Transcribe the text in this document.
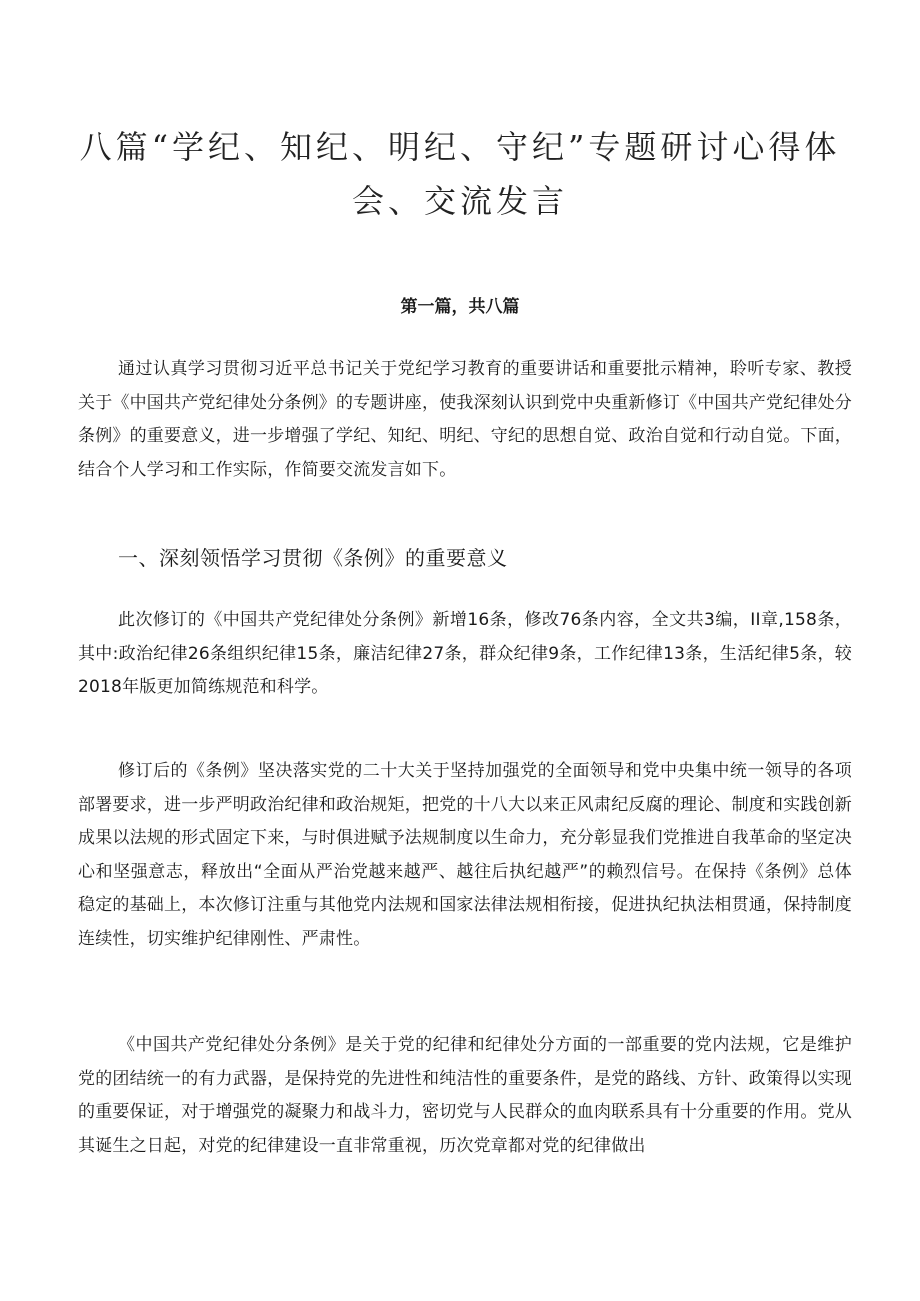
八篇“学纪、知纪、明纪、守纪”专题研讨心得体会、交流发言

第一篇，共八篇

通过认真学习贯彻习近平总书记关于党纪学习教育的重要讲话和重要批示精神，聆听专家、教授关于《中国共产党纪律处分条例》的专题讲座，使我深刻认识到党中央重新修订《中国共产党纪律处分条例》的重要意义，进一步增强了学纪、知纪、明纪、守纪的思想自觉、政治自觉和行动自觉。下面，结合个人学习和工作实际，作简要交流发言如下。

一、深刻领悟学习贯彻《条例》的重要意义

此次修订的《中国共产党纪律处分条例》新增16条，修改76条内容，全文共3编，II章,158条，其中:政治纪律26条组织纪律15条，廉洁纪律27条，群众纪律9条，工作纪律13条，生活纪律5条，较2018年版更加简练规范和科学。

修订后的《条例》坚决落实党的二十大关于坚持加强党的全面领导和党中央集中统一领导的各项部署要求，进一步严明政治纪律和政治规矩，把党的十八大以来正风肃纪反腐的理论、制度和实践创新成果以法规的形式固定下来，与时俱进赋予法规制度以生命力，充分彰显我们党推进自我革命的坚定决心和坚强意志，释放出“全面从严治党越来越严、越往后执纪越严”的赖烈信号。在保持《条例》总体稳定的基础上，本次修订注重与其他党内法规和国家法律法规相衔接，促进执纪执法相贯通，保持制度连续性，切实维护纪律刚性、严肃性。

《中国共产党纪律处分条例》是关于党的纪律和纪律处分方面的一部重要的党内法规，它是维护党的团结统一的有力武器，是保持党的先进性和纯洁性的重要条件，是党的路线、方针、政策得以实现的重要保证，对于增强党的凝聚力和战斗力，密切党与人民群众的血肉联系具有十分重要的作用。党从其诞生之日起，对党的纪律建设一直非常重视，历次党章都对党的纪律做出
